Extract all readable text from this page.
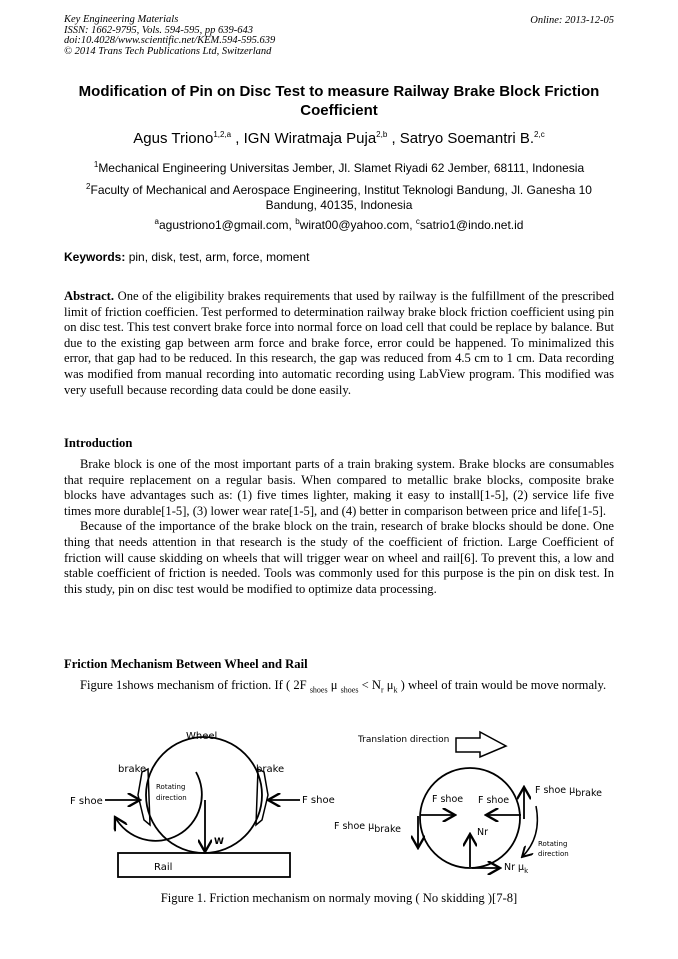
Key Engineering Materials
ISSN: 1662-9795, Vols. 594-595, pp 639-643
doi:10.4028/www.scientific.net/KEM.594-595.639
© 2014 Trans Tech Publications Ltd, Switzerland
Online: 2013-12-05
Modification of Pin on Disc Test to measure Railway Brake Block Friction Coefficient
Agus Triono$^{1,2,a}$ , IGN Wiratmaja Puja$^{2,b}$ , Satryo Soemantri B.$^{2,c}$
$^1$Mechanical Engineering Universitas Jember, Jl. Slamet Riyadi 62 Jember, 68111, Indonesia
$^2$Faculty of Mechanical and Aerospace Engineering, Institut Teknologi Bandung, Jl. Ganesha 10 Bandung, 40135, Indonesia
$^a$agustriono1@gmail.com, $^b$wirat00@yahoo.com, $^c$satrio1@indo.net.id
Keywords: pin, disk, test, arm, force, moment

Abstract. One of the eligibility brakes requirements that used by railway is the fulfillment of the prescribed limit of friction coefficien. Test performed to determination railway brake block friction coefficient using pin on disc test. This test convert brake force into normal force on load cell that could be replace by balance. But due to the existing gap between arm force and brake force, error could be happened. To minimalized this error, that gap had to be reduced. In this research, the gap was reduced from 4.5 cm to 1 cm. Data recording was modified from manual recording into automatic recording using LabView program. This modified was very usefull because recording data could be done easily.

Introduction

Brake block is one of the most important parts of a train braking system. Brake blocks are consumables that require replacement on a regular basis. When compared to metallic brake blocks, composite brake blocks have advantages such as: (1) five times lighter, making it easy to install[1-5], (2) service life five times more durable[1-5], (3) lower wear rate[1-5], and (4) better in comparison between price and life[1-5].

Because of the importance of the brake block on the train, research of brake blocks should be done. One thing that needs attention in that research is the study of the coefficient of friction. Large Coefficient of friction will cause skidding on wheels that will trigger wear on wheel and rail[6]. To prevent this, a low and stable coefficient of friction is needed. Tools was commonly used for this purpose is the pin on disk test. In this study, pin on disc test would be modified to optimize data processing.

Friction Mechanism Between Wheel and Rail

Figure 1shows mechanism of friction. If ( 2F $_{shoes}$ μ $_{shoes} < N_r$ $\mu_k$ ) wheel of train would be move normaly.

Wheel
brake	brake
F shoe	F shoe
Rotating
direction
W
Rail
Translation direction
F shoe F shoe
F shoe μbrake
F shoe μbrake
Nr
Nr $\mu_k$
Rotating
direction
Figure 1. Friction mechanism on normaly moving ( No skidding )[7-8]
